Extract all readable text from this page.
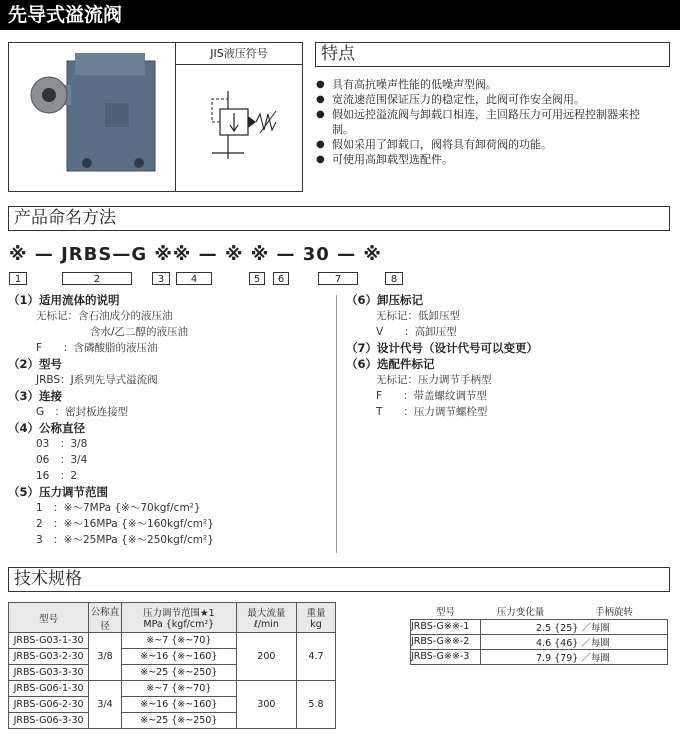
先导式溢流阀
JIS液压符号	特点
● 具有高抗噪声性能的低噪声型阀。
● 宽流速范围保证压力的稳定性，此阀可作安全阀用。
● 假如远控溢流阀与卸载口相连，主回路压力可用远程控制器来控制。
● 假如采用了卸载口，阀将具有卸荷阀的功能。
● 可使用高卸载型选配件。
产品命名方法
※ — JRBS—G ※※ — ※ ※ — 30 — ※
1	2	3	4	5	6	7	8
（1）适用流体的说明
无标记：含石油成分的液压油
含水/乙二醇的液压油
F　　：含磷酸脂的液压油
（2）型号
JRBS：J系列先导式溢流阀
（3）连接
G　：密封板连接型
（4）公称直径
03　：3/8
06　：3/4
16　：2
（5）压力调节范围
1　：※～7MPa {※～70kgf/cm²}
2　：※～16MPa {※～160kgf/cm²}
3　：※～25MPa {※～250kgf/cm²}
（6）卸压标记
无标记：低卸压型
V　　：高卸压型
（7）设计代号（设计代号可以变更）
（6）选配件标记
无标记：压力调节手柄型
F　　：带盖螺纹调节型
T　　：压力调节螺栓型
技术规格
型号	公称直径	压力调节范围★1
MPa {kgf/cm²}	最大流量
ℓ/min	重量
kg
JRBS-G03-1-30	3/8	※~7 {※~70}	200	4.7
JRBS-G03-2-30		※~16 {※~160}		
JRBS-G03-3-30		※~25 {※~250}		
JRBS-G06-1-30	3/4	※~7 {※~70}	300	5.8
JRBS-G06-2-30		※~16 {※~160}		
JRBS-G06-3-30		※~25 {※~250}		
型号	压力变化量	手柄旋转
JRBS-G※※-1	2.5 {25} ／每圈	
JRBS-G※※-2	4.6 {46} ／每圈	
JRBS-G※※-3	7.9 {79} ／每圈	
